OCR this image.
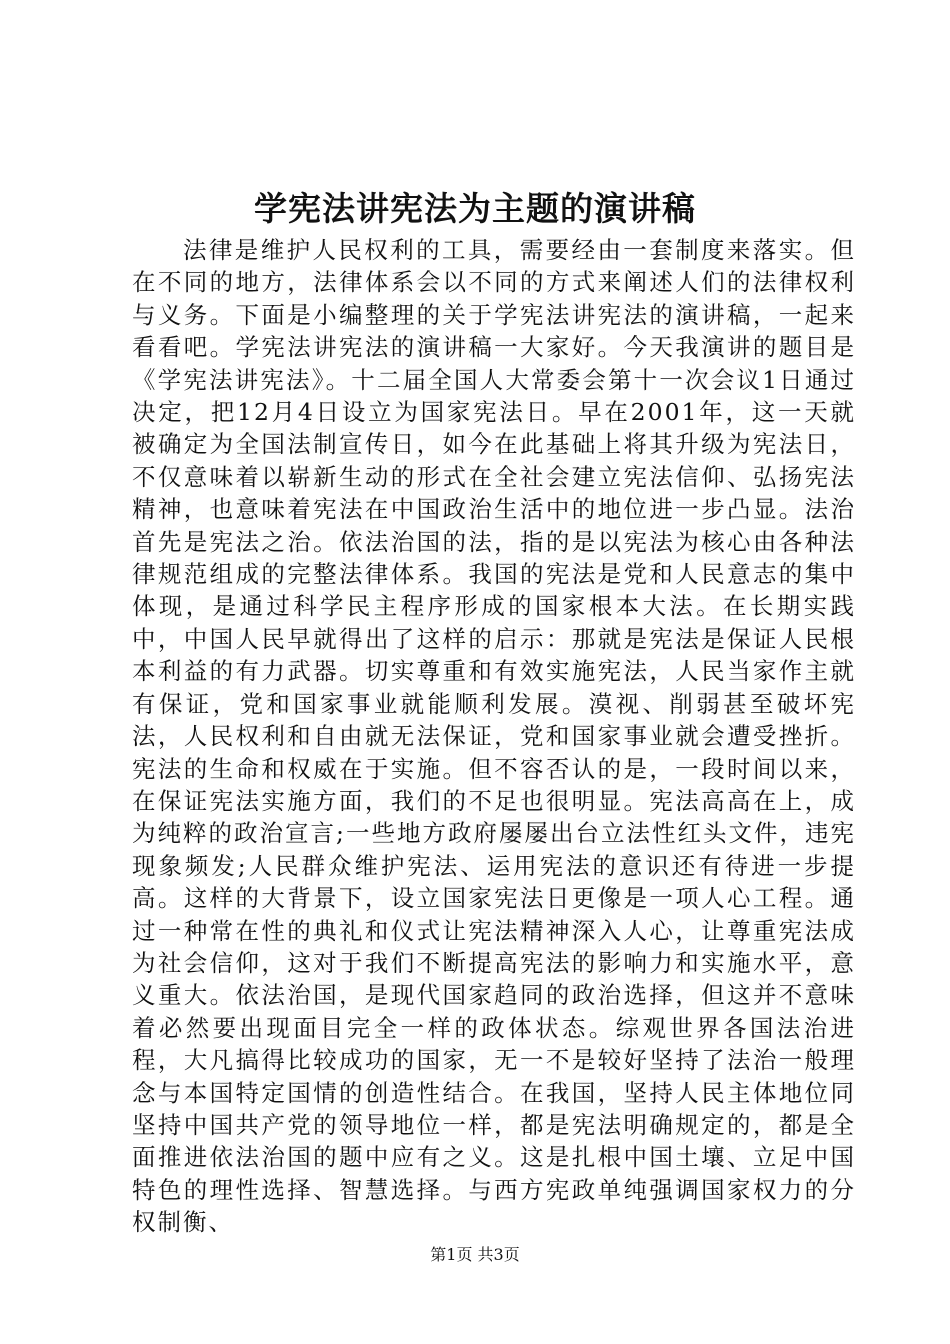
学宪法讲宪法为主题的演讲稿

法律是维护人民权利的工具，需要经由一套制度来落实。但在不同的地方，法律体系会以不同的方式来阐述人们的法律权利与义务。下面是小编整理的关于学宪法讲宪法的演讲稿，一起来看看吧。学宪法讲宪法的演讲稿一大家好。今天我演讲的题目是《学宪法讲宪法》。十二届全国人大常委会第十一次会议1日通过决定，把12月4日设立为国家宪法日。早在2001年，这一天就被确定为全国法制宣传日，如今在此基础上将其升级为宪法日，不仅意味着以崭新生动的形式在全社会建立宪法信仰、弘扬宪法精神，也意味着宪法在中国政治生活中的地位进一步凸显。法治首先是宪法之治。依法治国的法，指的是以宪法为核心由各种法律规范组成的完整法律体系。我国的宪法是党和人民意志的集中体现，是通过科学民主程序形成的国家根本大法。在长期实践中，中国人民早就得出了这样的启示：那就是宪法是保证人民根本利益的有力武器。切实尊重和有效实施宪法，人民当家作主就有保证，党和国家事业就能顺利发展。漠视、削弱甚至破坏宪法，人民权利和自由就无法保证，党和国家事业就会遭受挫折。宪法的生命和权威在于实施。但不容否认的是，一段时间以来，在保证宪法实施方面，我们的不足也很明显。宪法高高在上，成为纯粹的政治宣言;一些地方政府屡屡出台立法性红头文件，违宪现象频发;人民群众维护宪法、运用宪法的意识还有待进一步提高。这样的大背景下，设立国家宪法日更像是一项人心工程。通过一种常在性的典礼和仪式让宪法精神深入人心，让尊重宪法成为社会信仰，这对于我们不断提高宪法的影响力和实施水平，意义重大。依法治国，是现代国家趋同的政治选择，但这并不意味着必然要出现面目完全一样的政体状态。综观世界各国法治进程，大凡搞得比较成功的国家，无一不是较好坚持了法治一般理念与本国特定国情的创造性结合。在我国，坚持人民主体地位同坚持中国共产党的领导地位一样，都是宪法明确规定的，都是全面推进依法治国的题中应有之义。这是扎根中国土壤、立足中国特色的理性选择、智慧选择。与西方宪政单纯强调国家权力的分权制衡、

第1页 共3页
